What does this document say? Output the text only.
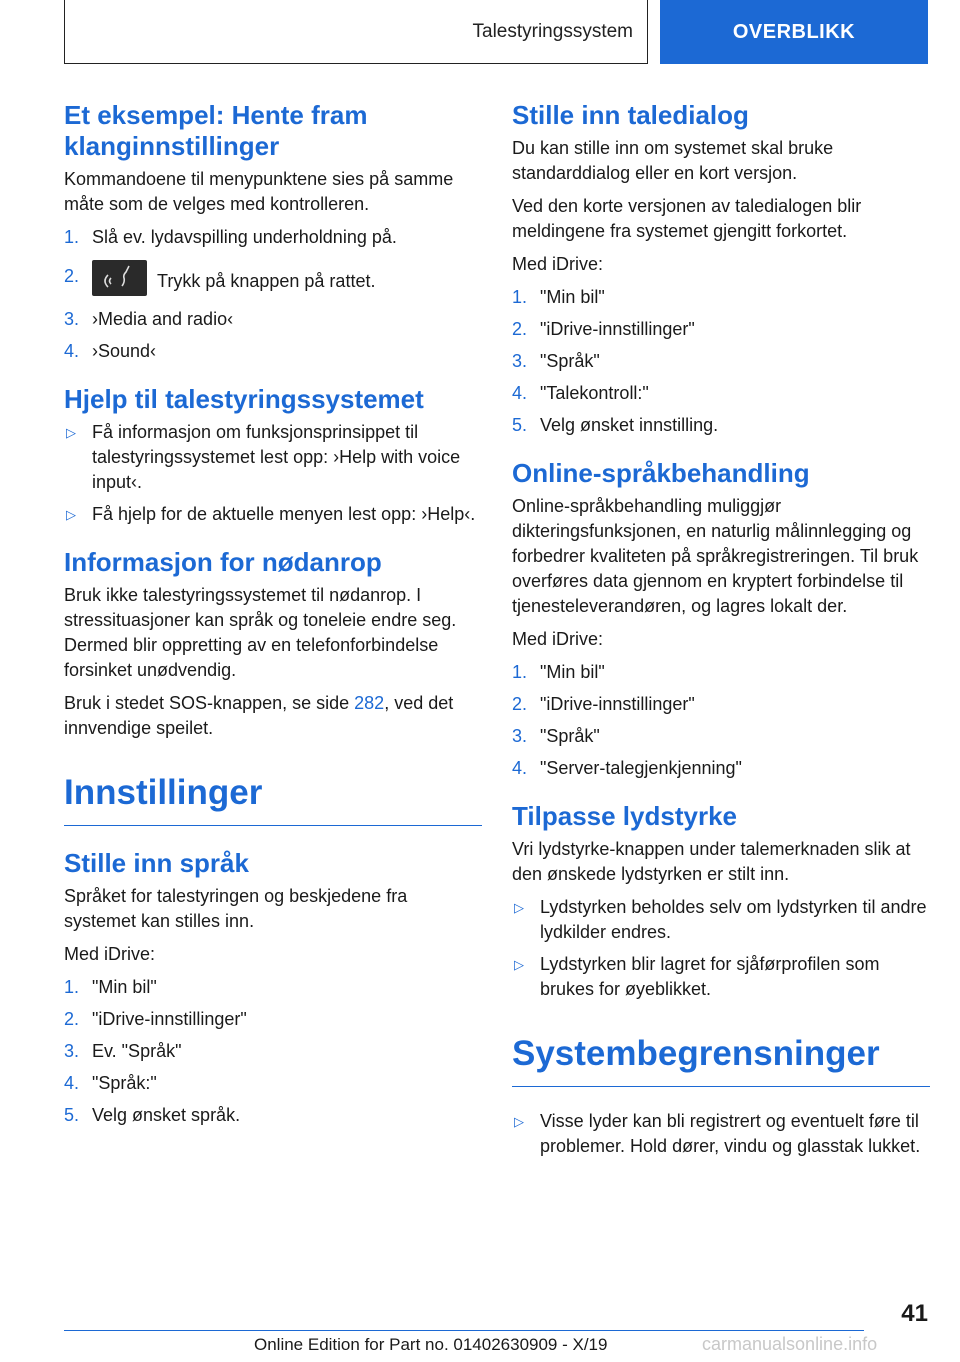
Talestyringssystem	OVERBLIKK
Et eksempel: Hente fram klanginnstillinger

Kommandoene til menypunktene sies på samme måte som de velges med kontrolleren.

1. Slå ev. lydavspilling underholdning på.
2.	Trykk på knappen på rattet.
3. ›Media and radio‹
4. ›Sound‹
Hjelp til talestyringssystemet
▷ Få informasjon om funksjonsprinsippet til talestyringssystemet lest opp: ›Help with voice input‹.
▷ Få hjelp for de aktuelle menyen lest opp: ›Help‹.
Informasjon for nødanrop

Bruk ikke talestyringssystemet til nødanrop. I stressituasjoner kan språk og toneleie endre seg. Dermed blir oppretting av en telefonforbindelse forsinket unødvendig.

Bruk i stedet SOS-knappen, se side 282, ved det innvendige speilet.

Innstillinger
Stille inn språk

Språket for talestyringen og beskjedene fra systemet kan stilles inn.

Med iDrive:

1. "Min bil"
2. "iDrive-innstillinger"
3. Ev. "Språk"
4. "Språk:"
5. Velg ønsket språk.
Stille inn taledialog

Du kan stille inn om systemet skal bruke standarddialog eller en kort versjon.

Ved den korte versjonen av taledialogen blir meldingene fra systemet gjengitt forkortet.

Med iDrive:

1. "Min bil"
2. "iDrive-innstillinger"
3. "Språk"
4. "Talekontroll:"
5. Velg ønsket innstilling.
Online-språkbehandling

Online-språkbehandling muliggjør dikteringsfunksjonen, en naturlig målinnlegging og forbedrer kvaliteten på språkregistreringen. Til bruk overføres data gjennom en kryptert forbindelse til tjenesteleverandøren, og lagres lokalt der.

Med iDrive:

1. "Min bil"
2. "iDrive-innstillinger"
3. "Språk"
4. "Server-talegjenkjenning"
Tilpasse lydstyrke

Vri lydstyrke-knappen under talemerknaden slik at den ønskede lydstyrken er stilt inn.

▷ Lydstyrken beholdes selv om lydstyrken til andre lydkilder endres.
▷ Lydstyrken blir lagret for sjåførprofilen som brukes for øyeblikket.
Systembegrensninger
▷ Visse lyder kan bli registrert og eventuelt føre til problemer. Hold dører, vindu og glasstak lukket.
41
Online Edition for Part no. 01402630909 - X/19	carmanualsonline.info
